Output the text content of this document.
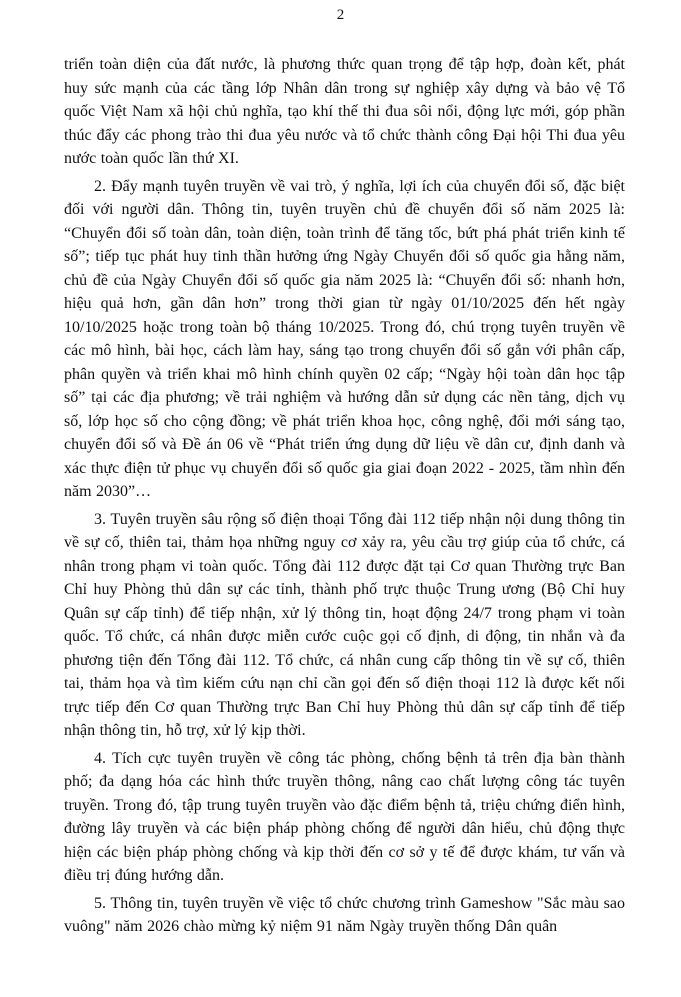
2

triển toàn diện của đất nước, là phương thức quan trọng để tập hợp, đoàn kết, phát huy sức mạnh của các tầng lớp Nhân dân trong sự nghiệp xây dựng và bảo vệ Tổ quốc Việt Nam xã hội chủ nghĩa, tạo khí thế thi đua sôi nổi, động lực mới, góp phần thúc đẩy các phong trào thi đua yêu nước và tổ chức thành công Đại hội Thi đua yêu nước toàn quốc lần thứ XI.

2. Đẩy mạnh tuyên truyền về vai trò, ý nghĩa, lợi ích của chuyển đổi số, đặc biệt đối với người dân. Thông tin, tuyên truyền chủ đề chuyển đổi số năm 2025 là: “Chuyển đổi số toàn dân, toàn diện, toàn trình để tăng tốc, bứt phá phát triển kinh tế số”; tiếp tục phát huy tinh thần hưởng ứng Ngày Chuyển đổi số quốc gia hằng năm, chủ đề của Ngày Chuyển đổi số quốc gia năm 2025 là: “Chuyển đổi số: nhanh hơn, hiệu quả hơn, gần dân hơn” trong thời gian từ ngày 01/10/2025 đến hết ngày 10/10/2025 hoặc trong toàn bộ tháng 10/2025. Trong đó, chú trọng tuyên truyền về các mô hình, bài học, cách làm hay, sáng tạo trong chuyển đổi số gắn với phân cấp, phân quyền và triển khai mô hình chính quyền 02 cấp; “Ngày hội toàn dân học tập số” tại các địa phương; về trải nghiệm và hướng dẫn sử dụng các nền tảng, dịch vụ số, lớp học số cho cộng đồng; về phát triển khoa học, công nghệ, đổi mới sáng tạo, chuyển đổi số và Đề án 06 về “Phát triển ứng dụng dữ liệu về dân cư, định danh và xác thực điện tử phục vụ chuyển đổi số quốc gia giai đoạn 2022 - 2025, tầm nhìn đến năm 2030”…

3. Tuyên truyền sâu rộng số điện thoại Tổng đài 112 tiếp nhận nội dung thông tin về sự cố, thiên tai, thảm họa những nguy cơ xảy ra, yêu cầu trợ giúp của tổ chức, cá nhân trong phạm vi toàn quốc. Tổng đài 112 được đặt tại Cơ quan Thường trực Ban Chỉ huy Phòng thủ dân sự các tỉnh, thành phố trực thuộc Trung ương (Bộ Chỉ huy Quân sự cấp tỉnh) để tiếp nhận, xử lý thông tin, hoạt động 24/7 trong phạm vi toàn quốc. Tổ chức, cá nhân được miễn cước cuộc gọi cố định, di động, tin nhắn và đa phương tiện đến Tổng đài 112. Tổ chức, cá nhân cung cấp thông tin về sự cố, thiên tai, thảm họa và tìm kiếm cứu nạn chỉ cần gọi đến số điện thoại 112 là được kết nối trực tiếp đến Cơ quan Thường trực Ban Chỉ huy Phòng thủ dân sự cấp tỉnh để tiếp nhận thông tin, hỗ trợ, xử lý kịp thời.

4. Tích cực tuyên truyền về công tác phòng, chống bệnh tả trên địa bàn thành phố; đa dạng hóa các hình thức truyền thông, nâng cao chất lượng công tác tuyên truyền. Trong đó, tập trung tuyên truyền vào đặc điểm bệnh tả, triệu chứng điển hình, đường lây truyền và các biện pháp phòng chống để người dân hiểu, chủ động thực hiện các biện pháp phòng chống và kịp thời đến cơ sở y tế để được khám, tư vấn và điều trị đúng hướng dẫn.

5. Thông tin, tuyên truyền về việc tổ chức chương trình Gameshow "Sắc màu sao vuông" năm 2026 chào mừng kỷ niệm 91 năm Ngày truyền thống Dân quân
